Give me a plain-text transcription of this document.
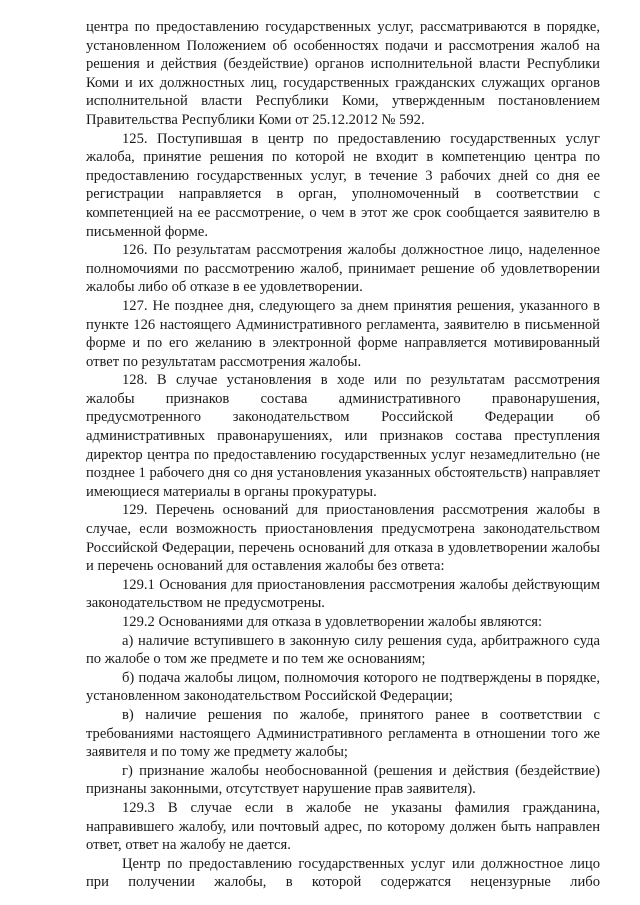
центра по предоставлению государственных услуг, рассматриваются в порядке, установленном Положением об особенностях подачи и рассмотрения жалоб на решения и действия (бездействие) органов исполнительной власти Республики Коми и их должностных лиц, государственных гражданских служащих органов исполнительной власти Республики Коми, утвержденным постановлением Правительства Республики Коми от 25.12.2012 № 592.

125. Поступившая в центр по предоставлению государственных услуг жалоба, принятие решения по которой не входит в компетенцию центра по предоставлению государственных услуг, в течение 3 рабочих дней со дня ее регистрации направляется в орган, уполномоченный в соответствии с компетенцией на ее рассмотрение, о чем в этот же срок сообщается заявителю в письменной форме.

126. По результатам рассмотрения жалобы должностное лицо, наделенное полномочиями по рассмотрению жалоб, принимает решение об удовлетворении жалобы либо об отказе в ее удовлетворении.

127. Не позднее дня, следующего за днем принятия решения, указанного в пункте 126 настоящего Административного регламента, заявителю в письменной форме и по его желанию в электронной форме направляется мотивированный ответ по результатам рассмотрения жалобы.

128. В случае установления в ходе или по результатам рассмотрения жалобы признаков состава административного правонарушения, предусмотренного законодательством Российской Федерации об административных правонарушениях, или признаков состава преступления директор центра по предоставлению государственных услуг незамедлительно (не позднее 1 рабочего дня со дня установления указанных обстоятельств) направляет имеющиеся материалы в органы прокуратуры.

129. Перечень оснований для приостановления рассмотрения жалобы в случае, если возможность приостановления предусмотрена законодательством Российской Федерации, перечень оснований для отказа в удовлетворении жалобы и перечень оснований для оставления жалобы без ответа:

129.1 Основания для приостановления рассмотрения жалобы действующим законодательством не предусмотрены.

129.2 Основаниями для отказа в удовлетворении жалобы являются:

а) наличие вступившего в законную силу решения суда, арбитражного суда по жалобе о том же предмете и по тем же основаниям;

б) подача жалобы лицом, полномочия которого не подтверждены в порядке, установленном законодательством Российской Федерации;

в) наличие решения по жалобе, принятого ранее в соответствии с требованиями настоящего Административного регламента в отношении того же заявителя и по тому же предмету жалобы;

г) признание жалобы необоснованной (решения и действия (бездействие) признаны законными, отсутствует нарушение прав заявителя).

129.3 В случае если в жалобе не указаны фамилия гражданина, направившего жалобу, или почтовый адрес, по которому должен быть направлен ответ, ответ на жалобу не дается.

Центр по предоставлению государственных услуг или должностное лицо при получении жалобы, в которой содержатся нецензурные либо
